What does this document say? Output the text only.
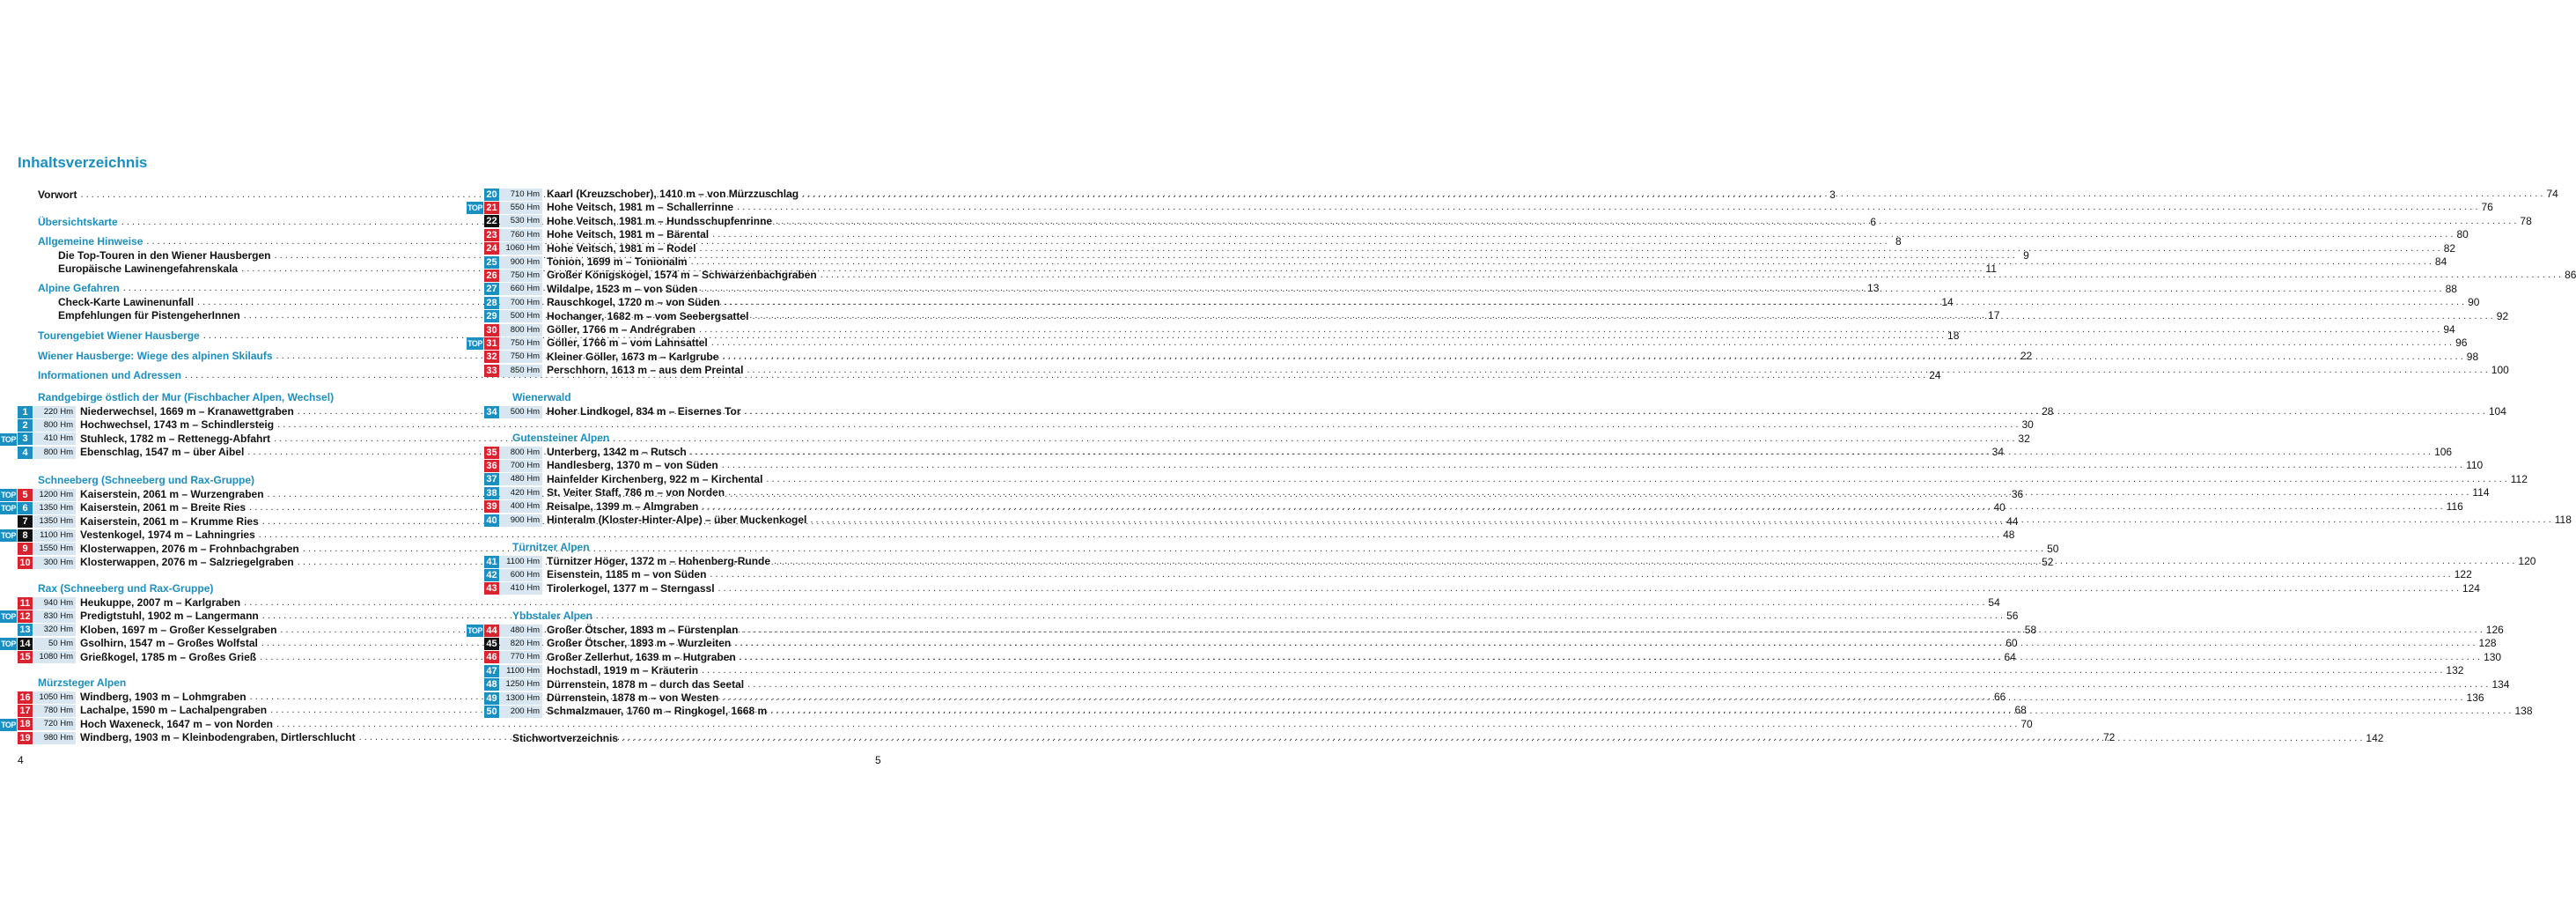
Inhaltsverzeichnis
Vorwort . . .	3
Übersichtskarte . . .	6
Allgemeine Hinweise . . .	8
Die Top-Touren in den Wiener Hausbergen . . .	9
Europäische Lawinengefahrenskala . . .	11
Alpine Gefahren . . .	13
Check-Karte Lawinenunfall . . .	14
Empfehlungen für PistengeherInnen . . .	17
Tourengebiet Wiener Hausberge . . .	18
Wiener Hausberge: Wiege des alpinen Skilaufs . . .	22
Informationen und Adressen . . .	24
Randgebirge östlich der Mur (Fischbacher Alpen, Wechsel)
1	220 Hm Niederwechsel, 1669 m – Kranawettgraben . . .	28
2	800 Hm Hochwechsel, 1743 m – Schindlersteig . . .	30
TOP 3	410 Hm Stuhleck, 1782 m – Rettenegg-Abfahrt . . .	32
4	800 Hm Ebenschlag, 1547 m – über Aibel . . .	34
Schneeberg (Schneeberg und Rax-Gruppe)
TOP 5	1200 Hm Kaiserstein, 2061 m – Wurzengraben . . .	36
TOP 6	1350 Hm Kaiserstein, 2061 m – Breite Ries . . .	40
7	1350 Hm Kaiserstein, 2061 m – Krumme Ries . . .	44
TOP 8	1100 Hm Vestenkogel, 1974 m – Lahningries . . .	48
9	1550 Hm Klosterwappen, 2076 m – Frohnbachgraben . . .	50
10	300 Hm Klosterwappen, 2076 m – Salzriegelgraben . . .	52
Rax (Schneeberg und Rax-Gruppe)
11	940 Hm Heukuppe, 2007 m – Karlgraben . . .	54
TOP 12	830 Hm Predigtstuhl, 1902 m – Langermann . . .	56
13	320 Hm Kloben, 1697 m – Großer Kesselgraben . . .	58
TOP 14	50 Hm Gsolhirn, 1547 m – Großes Wolfstal . . .	60
15	1080 Hm Grießkogel, 1785 m – Großes Grieß . . .	64
Mürzsteger Alpen
16	1050 Hm Windberg, 1903 m – Lohmgraben . . .	66
17	780 Hm Lachalpe, 1590 m – Lachalpengraben . . .	68
TOP 18	720 Hm Hoch Waxeneck, 1647 m – von Norden . . .	70
19	980 Hm Windberg, 1903 m – Kleinbodengraben, Dirtlerschlucht . . .	72
20	710 Hm Kaarl (Kreuzschober), 1410 m – von Mürzzuschlag . . .	74
TOP 21	550 Hm Hohe Veitsch, 1981 m – Schallerrinne . . .	76
22	530 Hm Hohe Veitsch, 1981 m – Hundsschupfenrinne . . .	78
23	760 Hm Hohe Veitsch, 1981 m – Bärental . . .	80
24	1060 Hm Hohe Veitsch, 1981 m – Rodel . . .	82
25	900 Hm Tonion, 1699 m – Tonionalm . . .	84
26	750 Hm Großer Königskogel, 1574 m – Schwarzenbachgraben . . .	86
27	660 Hm Wildalpe, 1523 m – von Süden . . .	88
28	700 Hm Rauschkogel, 1720 m – von Süden . . .	90
29	500 Hm Hochanger, 1682 m – vom Seebergsattel . . .	92
30	800 Hm Göller, 1766 m – Andrégraben . . .	94
TOP 31	750 Hm Göller, 1766 m – vom Lahnsattel . . .	96
32	750 Hm Kleiner Göller, 1673 m – Karlgrube . . .	98
33	850 Hm Perschhorn, 1613 m – aus dem Preintal . . .	100
Wienerwald
34	500 Hm Hoher Lindkogel, 834 m – Eisernes Tor . . .	104
Gutensteiner Alpen
35	800 Hm Unterberg, 1342 m – Rutsch . . .	106
36	700 Hm Handlesberg, 1370 m – von Süden . . .	110
37	480 Hm Hainfelder Kirchenberg, 922 m – Kirchental . . .	112
38	420 Hm St. Veiter Staff, 786 m – von Norden . . .	114
39	400 Hm Reisalpe, 1399 m – Almgraben . . .	116
40	900 Hm Hinteralm (Kloster-Hinter-Alpe) – über Muckenkogel . . .	118
Türnitzer Alpen
41	1100 Hm Türnitzer Höger, 1372 m – Hohenberg-Runde . . .	120
42	600 Hm Eisenstein, 1185 m – von Süden . . .	122
43	410 Hm Tirolerkogel, 1377 m – Sterngassl . . .	124
Ybbstaler Alpen
TOP 44	480 Hm Großer Ötscher, 1893 m – Fürstenplan . . .	126
45	820 Hm Großer Ötscher, 1893 m – Wurzleiten . . .	128
46	770 Hm Großer Zellerhut, 1639 m – Hutgraben . . .	130
47	1100 Hm Hochstadl, 1919 m – Kräuterin . . .	132
48	1250 Hm Dürrenstein, 1878 m – durch das Seetal . . .	134
49	1300 Hm Dürrenstein, 1878 m – von Westen . . .	136
50	200 Hm Schmalzmauer, 1760 m – Ringkogel, 1668 m . . .	138
Stichwortverzeichnis . . .	142
4	5
